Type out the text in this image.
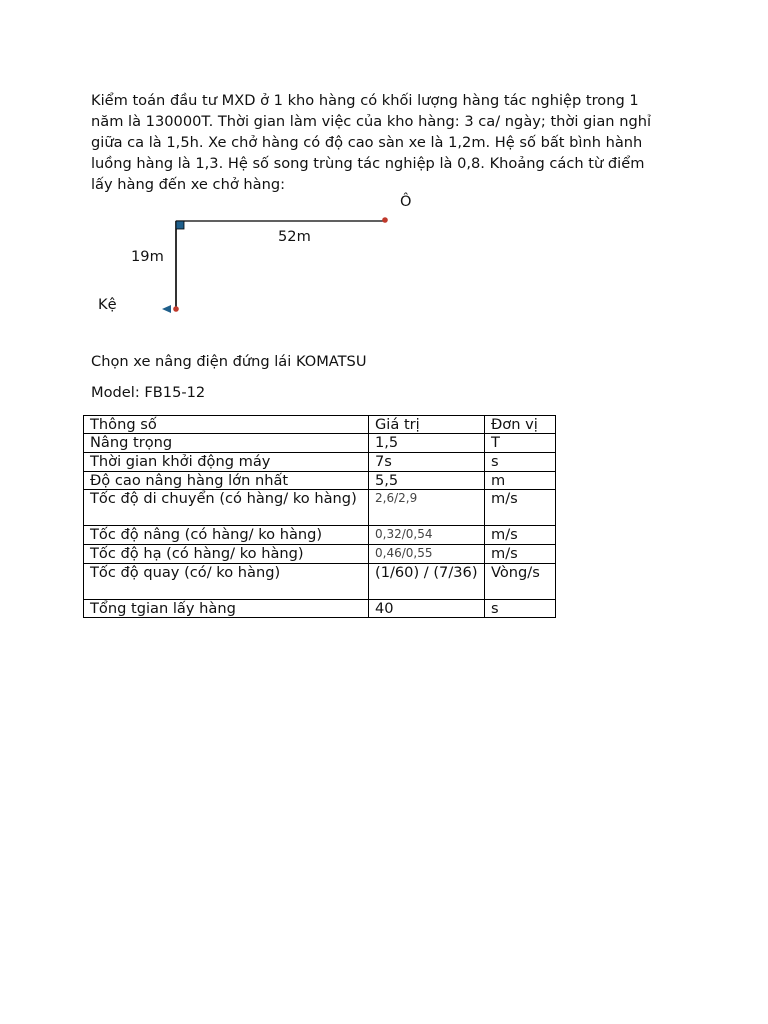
Kiểm toán đầu tư MXD ở 1 kho hàng có khối lượng hàng tác nghiệp trong 1
năm là 130000T. Thời gian làm việc của kho hàng: 3 ca/ ngày; thời gian nghỉ
giữa ca là 1,5h. Xe chở hàng có độ cao sàn xe là 1,2m. Hệ số bất bình hành
luồng hàng là 1,3. Hệ số song trùng tác nghiệp là 0,8. Khoảng cách từ điểm
lấy hàng đến xe chở hàng:
Ô
52m
19m
Kệ
Chọn xe nâng điện đứng lái KOMATSU
Model: FB15-12
Thông số	Giá trị	Đơn vị
Nâng trọng	1,5	T
Thời gian khởi động máy	7s	s
Độ cao nâng hàng lớn nhất	5,5	m
Tốc độ di chuyển (có hàng/ ko hàng)	2,6/2,9	m/s
Tốc độ nâng (có hàng/ ko hàng)	0,32/0,54	m/s
Tốc độ hạ (có hàng/ ko hàng)	0,46/0,55	m/s
Tốc độ quay (có/ ko hàng)	(1/60) / (7/36)	Vòng/s
Tổng tgian lấy hàng	40	s
